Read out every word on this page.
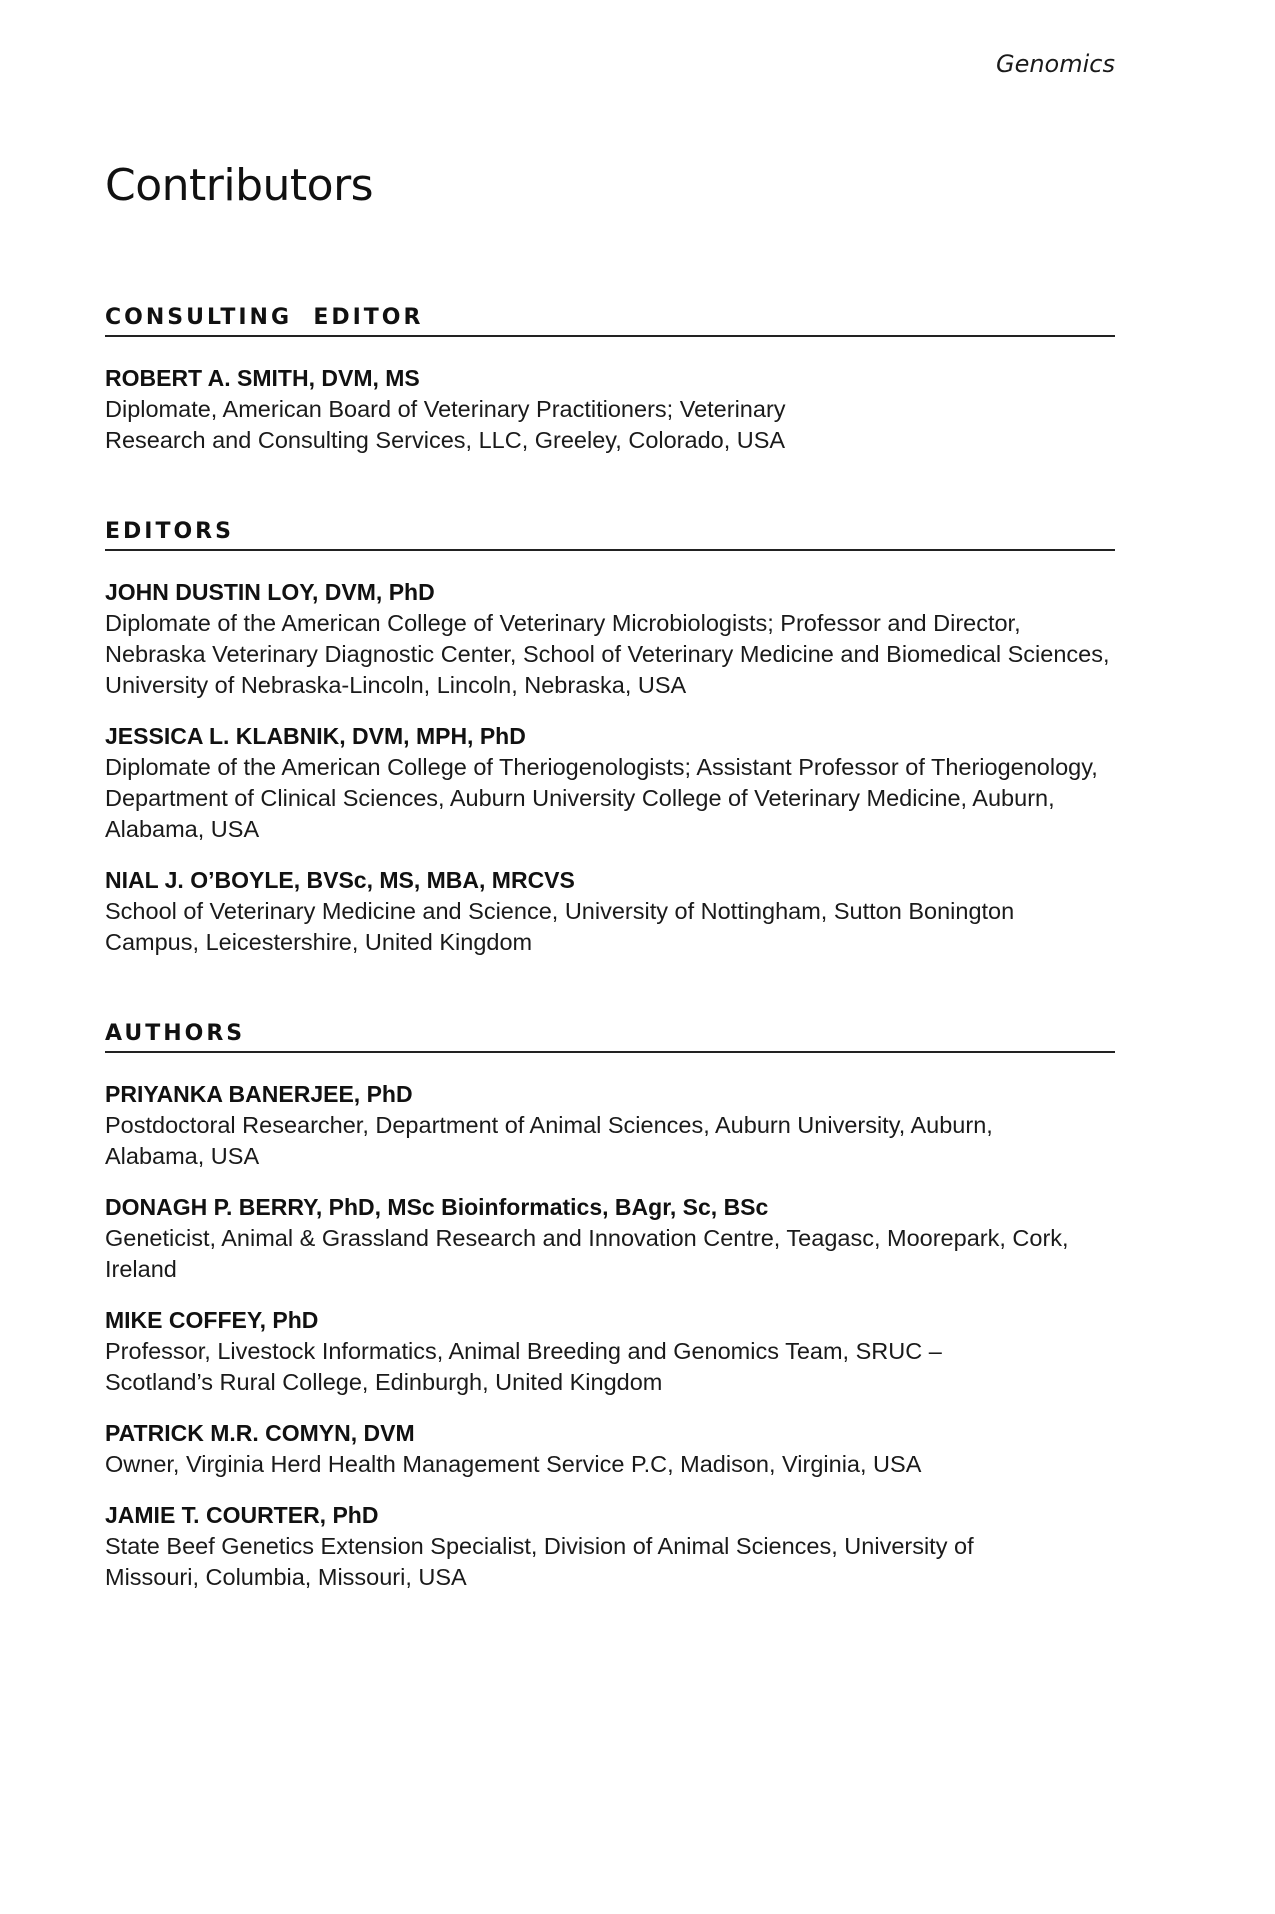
Genomics
Contributors
CONSULTING  EDITOR
ROBERT A. SMITH, DVM, MS
Diplomate, American Board of Veterinary Practitioners; Veterinary Research and Consulting Services, LLC, Greeley, Colorado, USA
EDITORS
JOHN DUSTIN LOY, DVM, PhD
Diplomate of the American College of Veterinary Microbiologists; Professor and Director, Nebraska Veterinary Diagnostic Center, School of Veterinary Medicine and Biomedical Sciences, University of Nebraska-Lincoln, Lincoln, Nebraska, USA
JESSICA L. KLABNIK, DVM, MPH, PhD
Diplomate of the American College of Theriogenologists; Assistant Professor of Theriogenology, Department of Clinical Sciences, Auburn University College of Veterinary Medicine, Auburn, Alabama, USA
NIAL J. O’BOYLE, BVSc, MS, MBA, MRCVS
School of Veterinary Medicine and Science, University of Nottingham, Sutton Bonington Campus, Leicestershire, United Kingdom
AUTHORS
PRIYANKA BANERJEE, PhD
Postdoctoral Researcher, Department of Animal Sciences, Auburn University, Auburn, Alabama, USA
DONAGH P. BERRY, PhD, MSc Bioinformatics, BAgr, Sc, BSc
Geneticist, Animal & Grassland Research and Innovation Centre, Teagasc, Moorepark, Cork, Ireland
MIKE COFFEY, PhD
Professor, Livestock Informatics, Animal Breeding and Genomics Team, SRUC – Scotland’s Rural College, Edinburgh, United Kingdom
PATRICK M.R. COMYN, DVM
Owner, Virginia Herd Health Management Service P.C, Madison, Virginia, USA
JAMIE T. COURTER, PhD
State Beef Genetics Extension Specialist, Division of Animal Sciences, University of Missouri, Columbia, Missouri, USA
